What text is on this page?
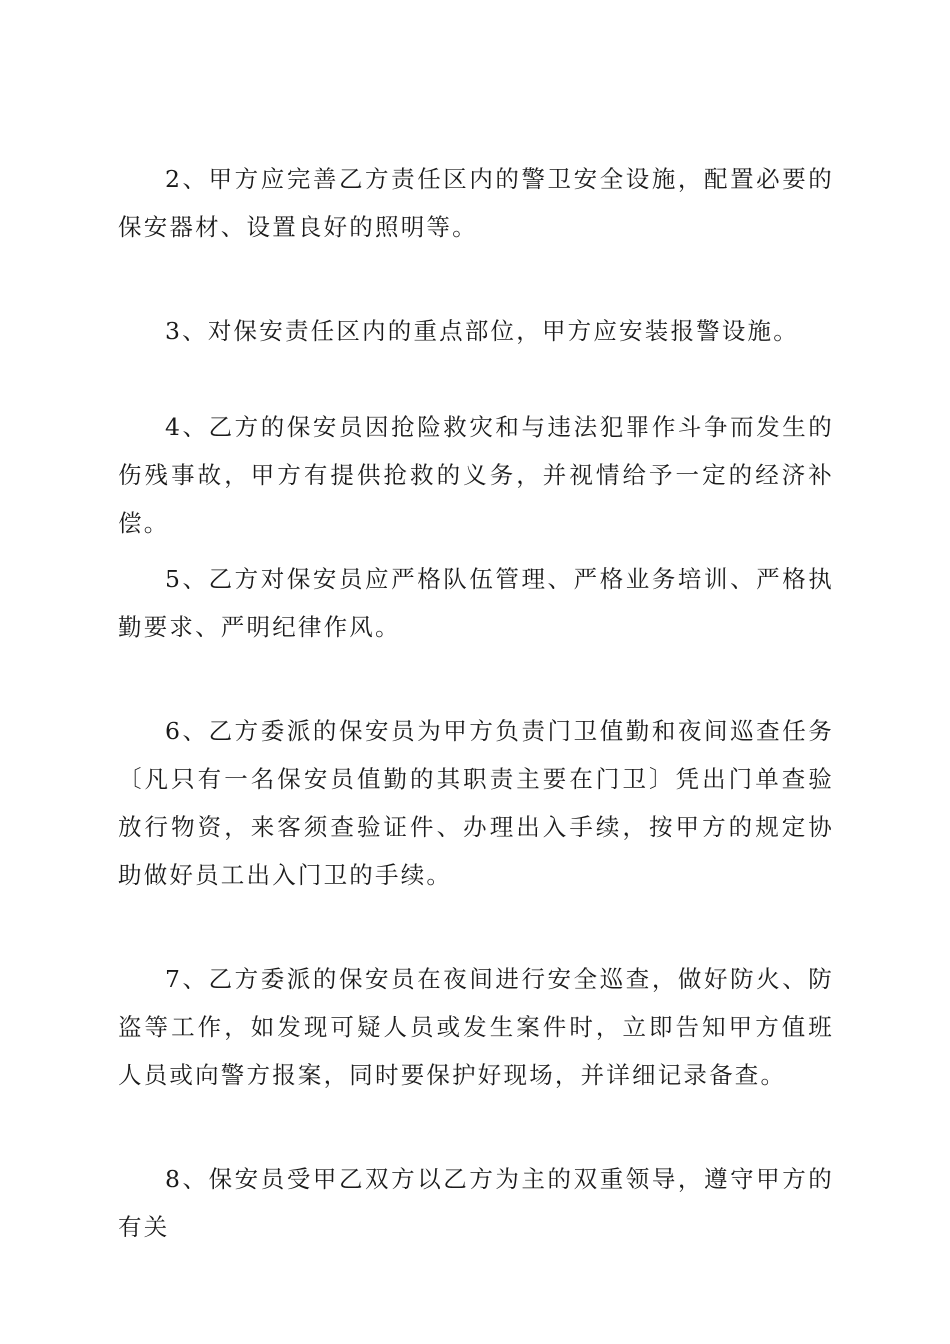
2、甲方应完善乙方责任区内的警卫安全设施，配置必要的保安器材、设置良好的照明等。

3、对保安责任区内的重点部位，甲方应安装报警设施。

4、乙方的保安员因抢险救灾和与违法犯罪作斗争而发生的伤残事故，甲方有提供抢救的义务，并视情给予一定的经济补偿。

5、乙方对保安员应严格队伍管理、严格业务培训、严格执勤要求、严明纪律作风。

6、乙方委派的保安员为甲方负责门卫值勤和夜间巡查任务〔凡只有一名保安员值勤的其职责主要在门卫〕凭出门单查验放行物资，来客须查验证件、办理出入手续，按甲方的规定协助做好员工出入门卫的手续。

7、乙方委派的保安员在夜间进行安全巡查，做好防火、防盗等工作，如发现可疑人员或发生案件时，立即告知甲方值班人员或向警方报案，同时要保护好现场，并详细记录备查。

8、保安员受甲乙双方以乙方为主的双重领导，遵守甲方的有关
